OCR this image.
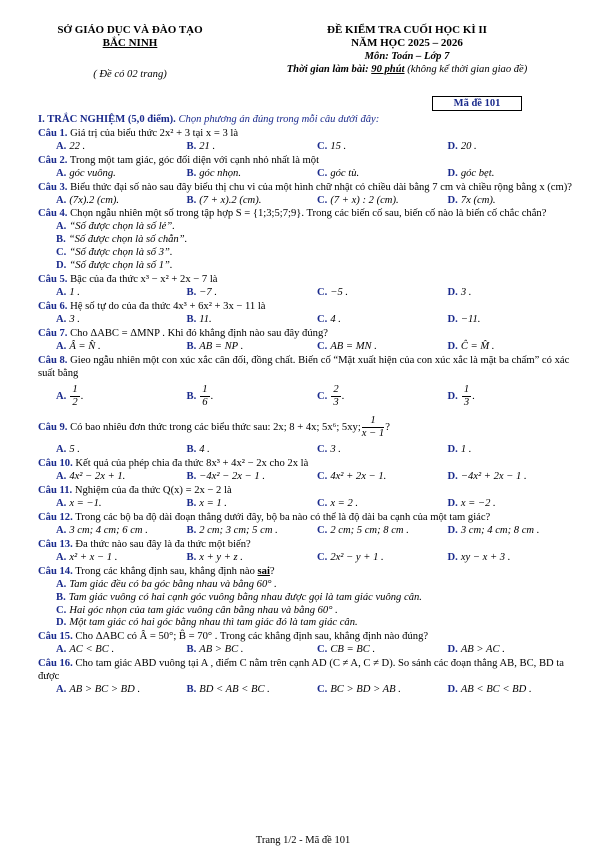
SỞ GIÁO DỤC VÀ ĐÀO TẠO
BẮC NINH
( Đề có 02 trang)
ĐỀ KIỂM TRA CUỐI HỌC KÌ II
NĂM HỌC 2025 – 2026
Môn: Toán – Lớp 7
Thời gian làm bài: 90 phút (không kể thời gian giao đề)
Mã đề 101
I. TRẮC NGHIỆM (5,0 điểm). Chọn phương án đúng trong mỗi câu dưới đây:
Câu 1. Giá trị của biểu thức 2x² + 3 tại x = 3 là
A. 22 .	B. 21 .	C. 15 .	D. 20 .
Câu 2. Trong một tam giác, góc đối diện với cạnh nhỏ nhất là một
A. góc vuông.	B. góc nhọn.	C. góc tù.	D. góc bẹt.
Câu 3. Biểu thức đại số nào sau đây biểu thị chu vi của một hình chữ nhật có chiều dài bằng 7 cm và chiều rộng bằng x (cm)?
A. (7x).2 (cm).	B. (7 + x).2 (cm).	C. (7 + x) : 2 (cm).	D. 7x (cm).
Câu 4. Chọn ngẫu nhiên một số trong tập hợp S = {1;3;5;7;9}. Trong các biến cố sau, biến cố nào là biến cố chắc chắn?
A. “Số được chọn là số lẻ”.
B. “Số được chọn là số chẵn”.
C. “Số được chọn là số 3”.
D. “Số được chọn là số 1”.
Câu 5. Bậc của đa thức x³ − x² + 2x − 7 là
A. 1 .	B. −7 .	C. −5 .	D. 3 .
Câu 6. Hệ số tự do của đa thức 4x³ + 6x² + 3x − 11 là
A. 3 .	B. 11.	C. 4 .	D. −11.
Câu 7. Cho ΔABC = ΔMNP . Khi đó khẳng định nào sau đây đúng?
A. Â = N̂ .	B. AB = NP .	C. AB = MN .	D. Ĉ = M̂ .
Câu 8. Gieo ngẫu nhiên một con xúc xắc cân đối, đồng chất. Biến cố “Mặt xuất hiện của con xúc xắc là mặt ba chấm” có xác suất bằng
A. $\frac{1}{2}$ .	B. $\frac{1}{6}$ .	C. $\frac{2}{3}$ .	D. $\frac{1}{3}$ .
Câu 9. Có bao nhiêu đơn thức trong các biểu thức sau: 2x; 8 + 4x; 5x⁶; 5xy; $\frac{1}{x - 1}$ ?
A. 5 .	B. 4 .	C. 3 .	D. 1 .
Câu 10. Kết quả của phép chia đa thức 8x³ + 4x² − 2x cho 2x là
A. 4x² − 2x + 1.	B. −4x² − 2x − 1 .	C. 4x² + 2x − 1.	D. −4x² + 2x − 1 .
Câu 11. Nghiệm của đa thức Q(x) = 2x − 2 là
A. x = −1.	B. x = 1 .	C. x = 2 .	D. x = −2 .
Câu 12. Trong các bộ ba độ dài đoạn thẳng dưới đây, bộ ba nào có thể là độ dài ba cạnh của một tam giác?
A. 3 cm; 4 cm; 6 cm .	B. 2 cm; 3 cm; 5 cm .	C. 2 cm; 5 cm; 8 cm .	D. 3 cm; 4 cm; 8 cm .
Câu 13. Đa thức nào sau đây là đa thức một biến?
A. x² + x − 1 .	B. x + y + z .	C. 2x² − y + 1 .	D. xy − x + 3 .
Câu 14. Trong các khẳng định sau, khẳng định nào sai?
A. Tam giác đều có ba góc bằng nhau và bằng 60° .
B. Tam giác vuông có hai cạnh góc vuông bằng nhau được gọi là tam giác vuông cân.
C. Hai góc nhọn của tam giác vuông cân bằng nhau và bằng 60° .
D. Một tam giác có hai góc bằng nhau thì tam giác đó là tam giác cân.
Câu 15. Cho ΔABC có Â = 50°; B̂ = 70° . Trong các khẳng định sau, khẳng định nào đúng?
A. AC < BC .	B. AB > BC .	C. CB = BC .	D. AB > AC .
Câu 16. Cho tam giác ABD vuông tại A , điểm C nằm trên cạnh AD (C ≠ A, C ≠ D). So sánh các đoạn thẳng AB, BC, BD ta được
A. AB > BC > BD .	B. BD < AB < BC .	C. BC > BD > AB .	D. AB < BC < BD .
Trang 1/2 - Mã đề 101
